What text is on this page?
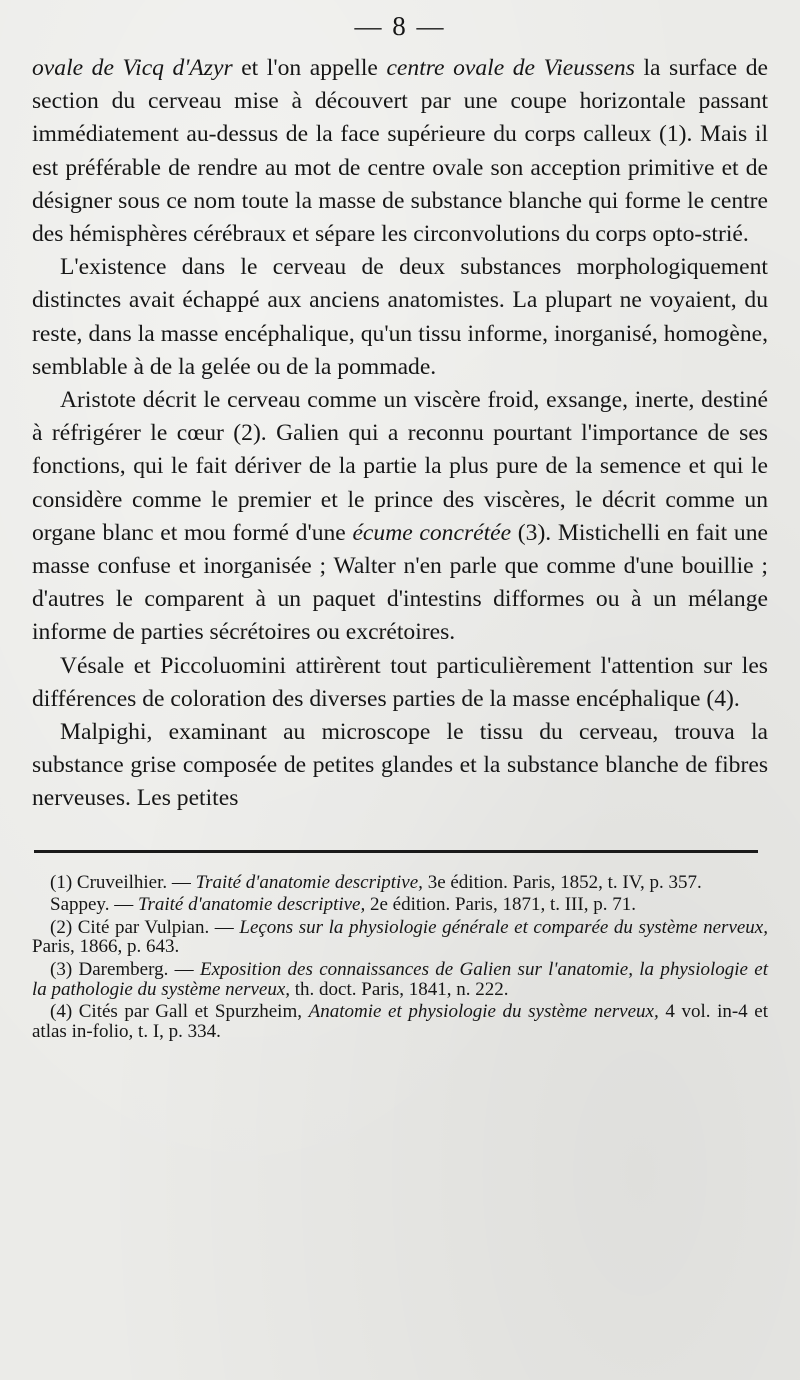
— 8 —

ovale de Vicq d'Azyr et l'on appelle centre ovale de Vieussens la surface de section du cerveau mise à découvert par une coupe horizontale passant immédiatement au-dessus de la face supérieure du corps calleux (1). Mais il est préférable de rendre au mot de centre ovale son acception primitive et de désigner sous ce nom toute la masse de substance blanche qui forme le centre des hémisphères cérébraux et sépare les circonvolutions du corps opto-strié.

L'existence dans le cerveau de deux substances morphologiquement distinctes avait échappé aux anciens anatomistes. La plupart ne voyaient, du reste, dans la masse encéphalique, qu'un tissu informe, inorganisé, homogène, semblable à de la gelée ou de la pommade.

Aristote décrit le cerveau comme un viscère froid, exsange, inerte, destiné à réfrigérer le cœur (2). Galien qui a reconnu pourtant l'importance de ses fonctions, qui le fait dériver de la partie la plus pure de la semence et qui le considère comme le premier et le prince des viscères, le décrit comme un organe blanc et mou formé d'une écume concrétée (3). Mistichelli en fait une masse confuse et inorganisée ; Walter n'en parle que comme d'une bouillie ; d'autres le comparent à un paquet d'intestins difformes ou à un mélange informe de parties sécrétoires ou excrétoires.

Vésale et Piccoluomini attirèrent tout particulièrement l'attention sur les différences de coloration des diverses parties de la masse encéphalique (4).

Malpighi, examinant au microscope le tissu du cerveau, trouva la substance grise composée de petites glandes et la substance blanche de fibres nerveuses. Les petites

(1) Cruveilhier. — Traité d'anatomie descriptive, 3e édition. Paris, 1852, t. IV, p. 357.

Sappey. — Traité d'anatomie descriptive, 2e édition. Paris, 1871, t. III, p. 71.

(2) Cité par Vulpian. — Leçons sur la physiologie générale et comparée du système nerveux, Paris, 1866, p. 643.

(3) Daremberg. — Exposition des connaissances de Galien sur l'anatomie, la physiologie et la pathologie du système nerveux, th. doct. Paris, 1841, n. 222.

(4) Cités par Gall et Spurzheim, Anatomie et physiologie du système nerveux, 4 vol. in-4 et atlas in-folio, t. I, p. 334.
